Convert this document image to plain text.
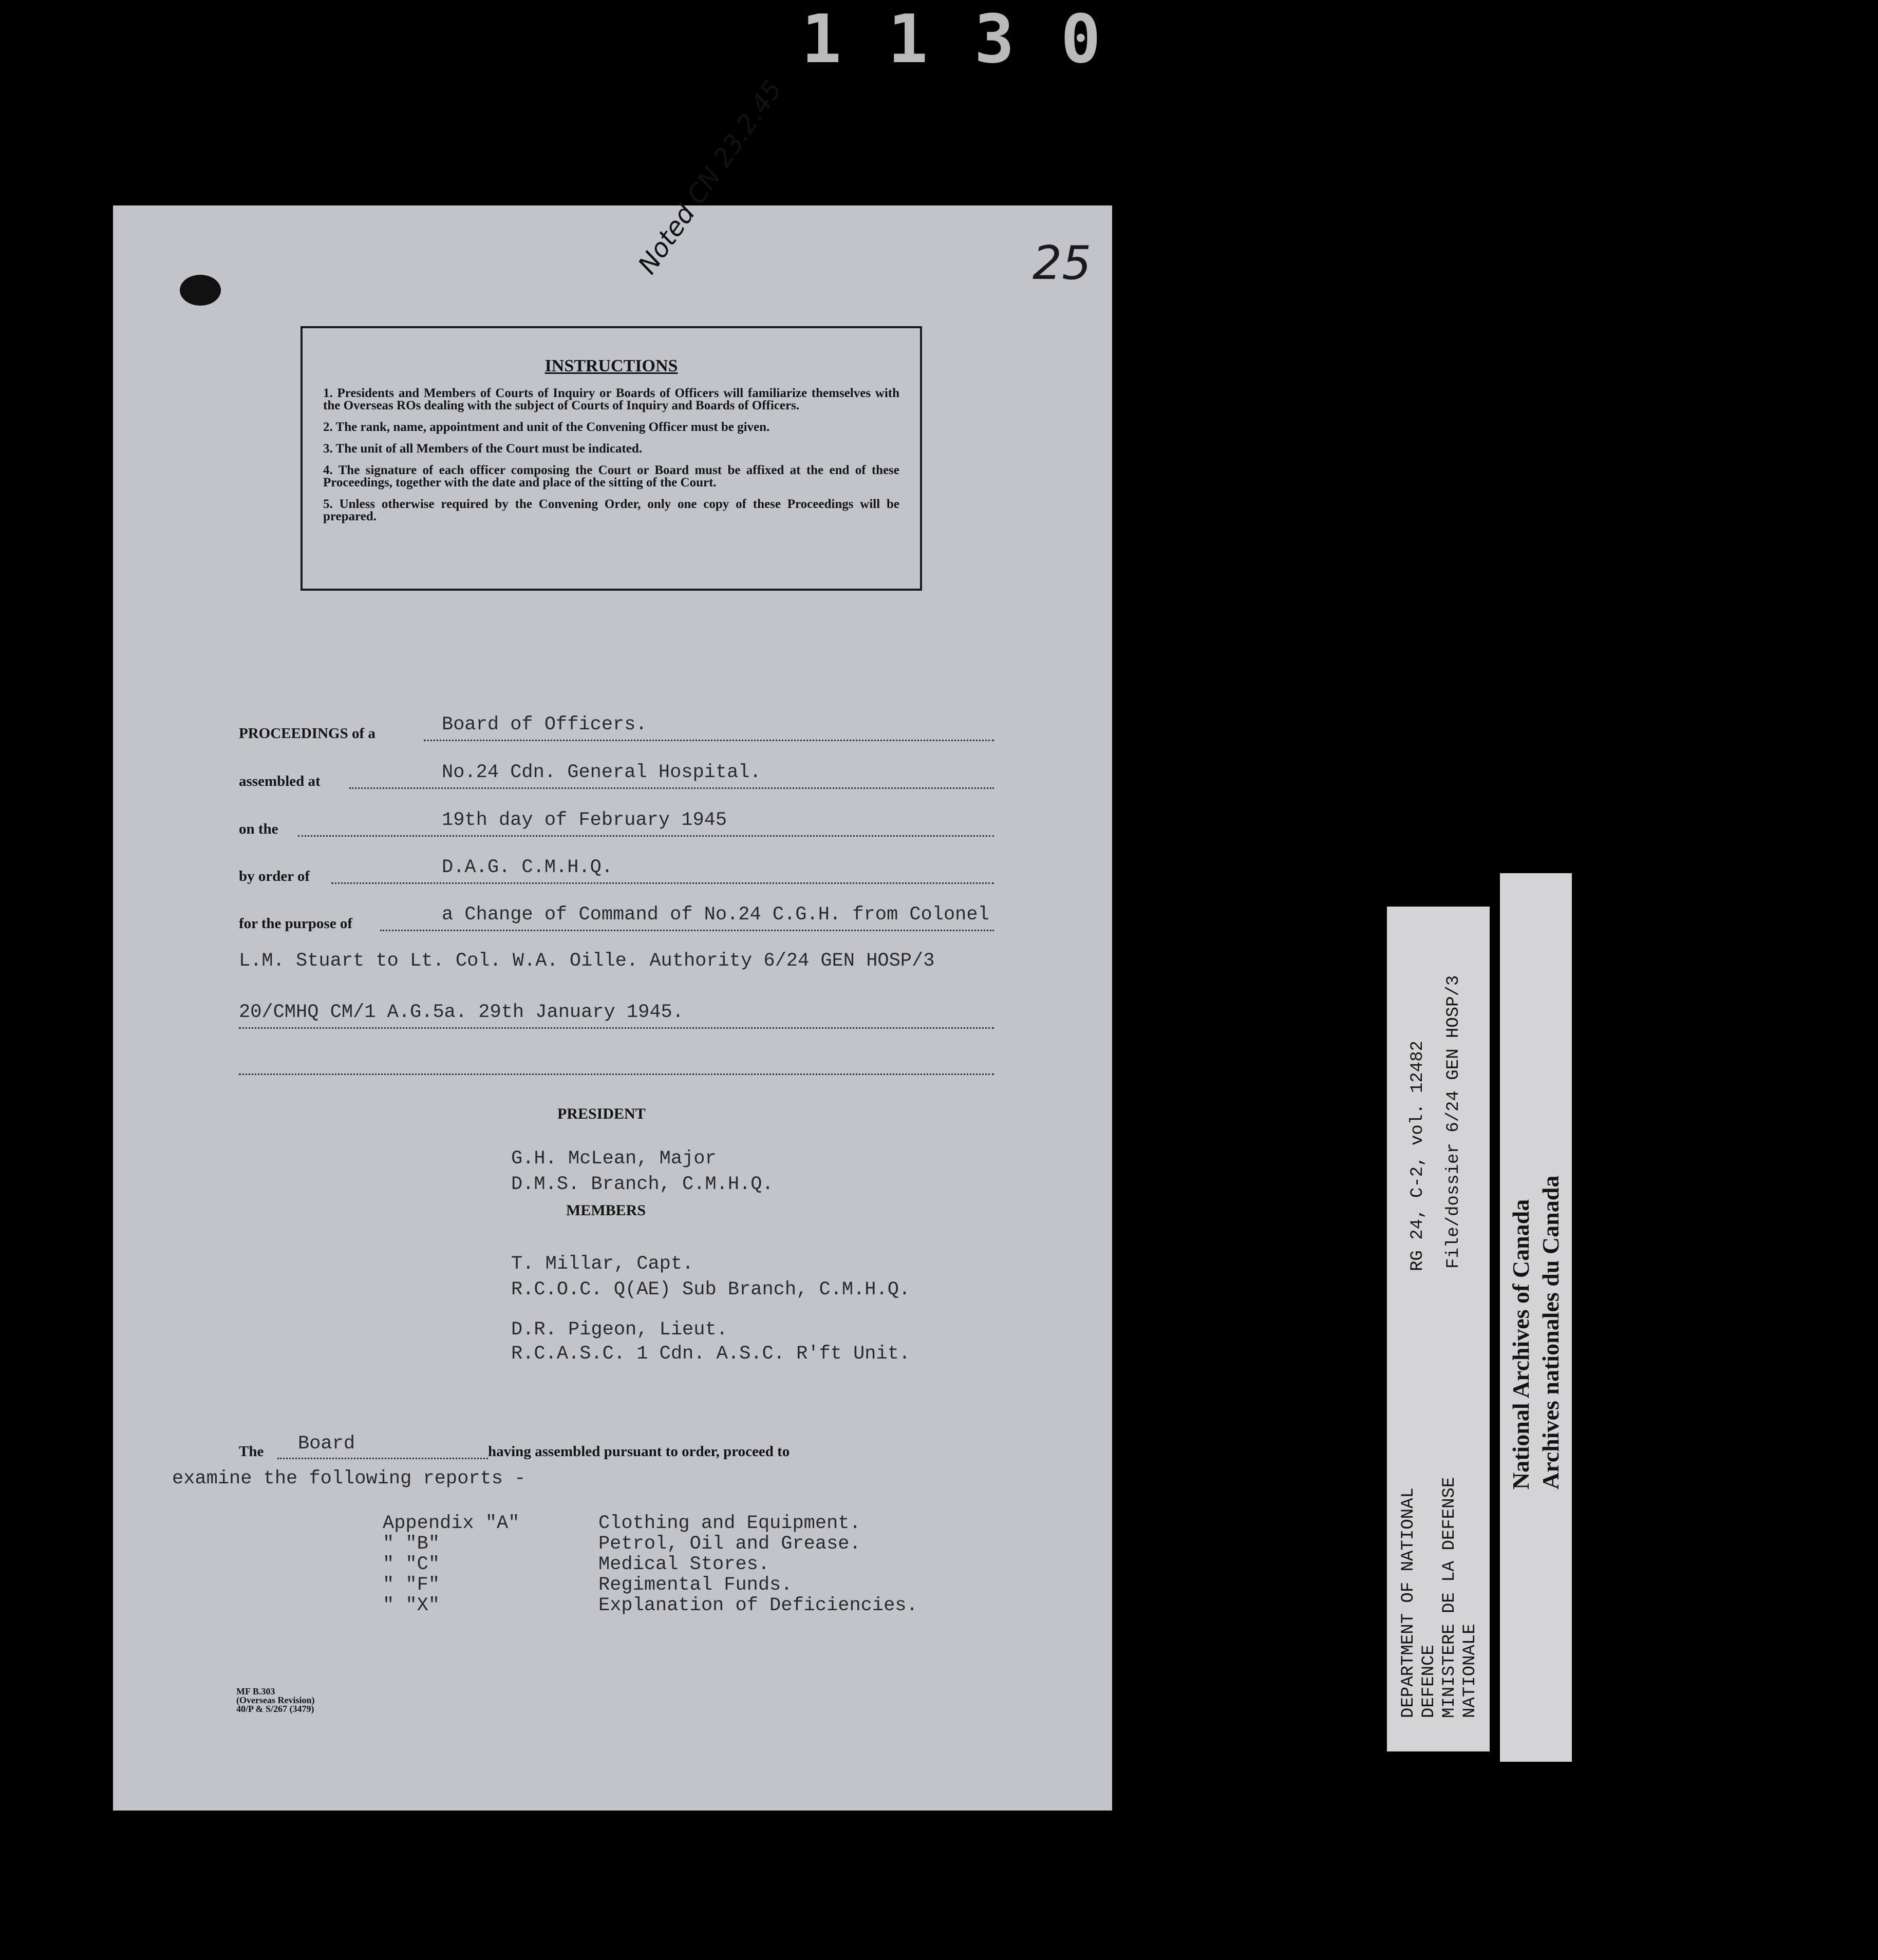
1130
25
Noted CN 23.2.45
INSTRUCTIONS

1. Presidents and Members of Courts of Inquiry or Boards of Officers will familiarize themselves with the Overseas ROs dealing with the subject of Courts of Inquiry and Boards of Officers.

2. The rank, name, appointment and unit of the Convening Officer must be given.

3. The unit of all Members of the Court must be indicated.

4. The signature of each officer composing the Court or Board must be affixed at the end of these Proceedings, together with the date and place of the sitting of the Court.

5. Unless otherwise required by the Convening Order, only one copy of these Proceedings will be prepared.

PROCEEDINGS of a	Board of Officers.
assembled at	No.24 Cdn. General Hospital.
on the	19th day of February 1945
by order of	D.A.G. C.M.H.Q.
for the purpose of	a Change of Command of No.24 C.G.H. from Colonel
L.M. Stuart to Lt. Col. W.A. Oille. Authority 6/24 GEN HOSP/3
20/CMHQ CM/1 A.G.5a. 29th January 1945.
PRESIDENT
G.H. McLean, Major
D.M.S. Branch, C.M.H.Q.
MEMBERS
T. Millar, Capt.
R.C.O.C. Q(AE) Sub Branch, C.M.H.Q.
D.R. Pigeon, Lieut.
R.C.A.S.C. 1 Cdn. A.S.C. R'ft Unit.
The Board	having assembled pursuant to order, proceed to
examine the following reports -
Appendix "A"	Clothing and Equipment.
" "B"	Petrol, Oil and Grease.
" "C"	Medical Stores.
" "F"	Regimental Funds.
" "X"	Explanation of Deficiencies.
MF B.303
(Overseas Revision)
40/P & S/267 (3479)	DEPARTMENT OF NATIONAL DEFENCE MINISTERE DE LA DEFENSE NATIONALE
RG 24, C-2, vol. 12482 File/dossier 6/24 GEN HOSP/3
National Archives of Canada Archives nationales du Canada
